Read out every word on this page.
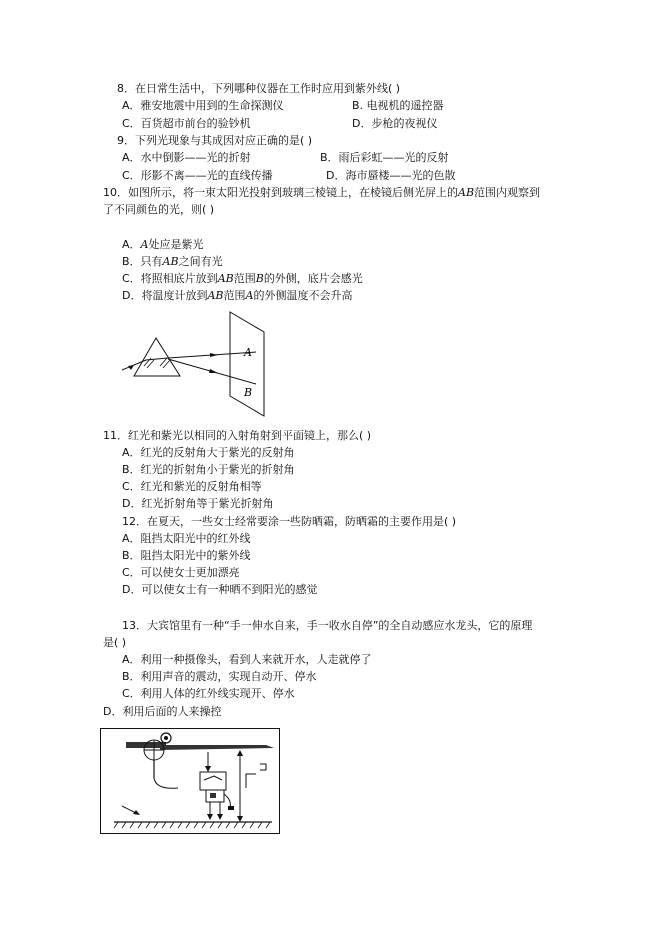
8．在日常生活中，下列哪种仪器在工作时应用到紫外线( )
A．雅安地震中用到的生命探测仪	B. 电视机的遥控器
C．百货超市前台的验钞机	D．步枪的夜视仪
9．下列光现象与其成因对应正确的是( )
A．水中倒影——光的折射	B．雨后彩虹——光的反射
C．形影不离——光的直线传播	D．海市蜃楼——光的色散
10．如图所示，将一束太阳光投射到玻璃三棱镜上，在棱镜后侧光屏上的AB范围内观察到
了不同颜色的光，则( )
A．A处应是紫光
B．只有AB之间有光
C．将照相底片放到AB范围B的外侧，底片会感光
D．将温度计放到AB范围A的外侧温度不会升高
A
B
11．红光和紫光以相同的入射角射到平面镜上，那么( )
A．红光的反射角大于紫光的反射角
B．红光的折射角小于紫光的折射角
C．红光和紫光的反射角相等
D．红光折射角等于紫光折射角
12．在夏天，一些女士经常要涂一些防晒霜，防晒霜的主要作用是( )
A．阻挡太阳光中的红外线
B．阻挡太阳光中的紫外线
C．可以使女士更加漂亮
D．可以使女士有一种晒不到阳光的感觉
13．大宾馆里有一种“手一伸水自来，手一收水自停”的全自动感应水龙头，它的原理
是( )
A．利用一种摄像头，看到人来就开水，人走就停了
B．利用声音的震动，实现自动开、停水
C．利用人体的红外线实现开、停水
D．利用后面的人来操控
